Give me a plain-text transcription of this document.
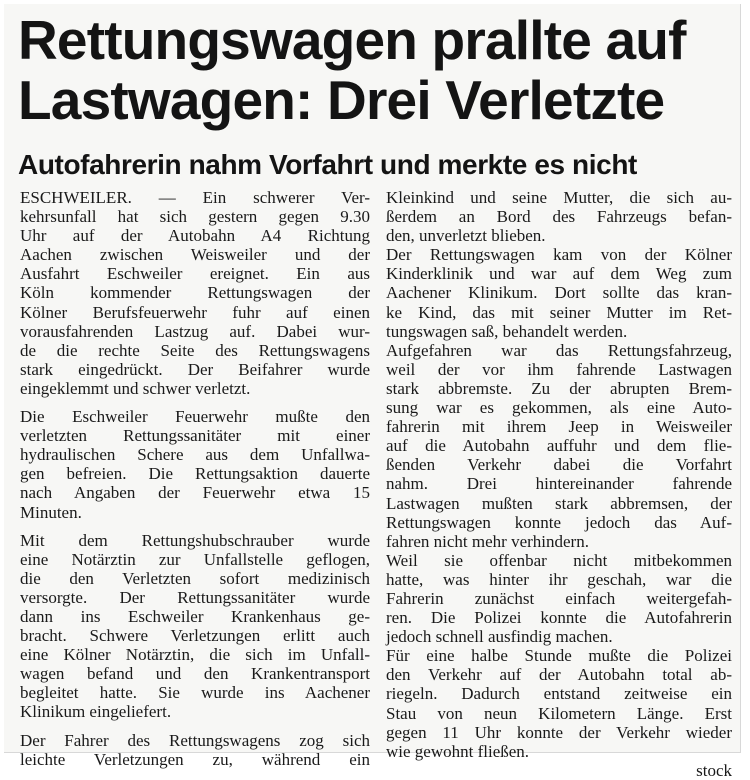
Rettungswagen prallte auf
Lastwagen: Drei Verletzte
Autofahrerin nahm Vorfahrt und merkte es nicht

ESCHWEILER. — Ein schwerer Ver-
kehrsunfall hat sich gestern gegen 9.30
Uhr auf der Autobahn A4 Richtung
Aachen zwischen Weisweiler und der
Ausfahrt Eschweiler ereignet. Ein aus
Köln kommender Rettungswagen der
Kölner Berufsfeuerwehr fuhr auf einen
vorausfahrenden Lastzug auf. Dabei wur-
de die rechte Seite des Rettungswagens
stark eingedrückt. Der Beifahrer wurde
eingeklemmt und schwer verletzt.

Die Eschweiler Feuerwehr mußte den
verletzten Rettungssanitäter mit einer
hydraulischen Schere aus dem Unfallwa-
gen befreien. Die Rettungsaktion dauerte
nach Angaben der Feuerwehr etwa 15
Minuten.

Mit dem Rettungshubschrauber wurde
eine Notärztin zur Unfallstelle geflogen,
die den Verletzten sofort medizinisch
versorgte. Der Rettungssanitäter wurde
dann ins Eschweiler Krankenhaus ge-
bracht. Schwere Verletzungen erlitt auch
eine Kölner Notärztin, die sich im Unfall-
wagen befand und den Krankentransport
begleitet hatte. Sie wurde ins Aachener
Klinikum eingeliefert.

Der Fahrer des Rettungswagens zog sich
leichte Verletzungen zu, während ein

Kleinkind und seine Mutter, die sich au-
ßerdem an Bord des Fahrzeugs befan-
den, unverletzt blieben.

Der Rettungswagen kam von der Kölner
Kinderklinik und war auf dem Weg zum
Aachener Klinikum. Dort sollte das kran-
ke Kind, das mit seiner Mutter im Ret-
tungswagen saß, behandelt werden.

Aufgefahren war das Rettungsfahrzeug,
weil der vor ihm fahrende Lastwagen
stark abbremste. Zu der abrupten Brem-
sung war es gekommen, als eine Auto-
fahrerin mit ihrem Jeep in Weisweiler
auf die Autobahn auffuhr und dem flie-
ßenden Verkehr dabei die Vorfahrt
nahm. Drei hintereinander fahrende
Lastwagen mußten stark abbremsen, der
Rettungswagen konnte jedoch das Auf-
fahren nicht mehr verhindern.

Weil sie offenbar nicht mitbekommen
hatte, was hinter ihr geschah, war die
Fahrerin zunächst einfach weitergefah-
ren. Die Polizei konnte die Autofahrerin
jedoch schnell ausfindig machen.

Für eine halbe Stunde mußte die Polizei
den Verkehr auf der Autobahn total ab-
riegeln. Dadurch entstand zeitweise ein
Stau von neun Kilometern Länge. Erst
gegen 11 Uhr konnte der Verkehr wieder
wie gewohnt fließen.

stock
